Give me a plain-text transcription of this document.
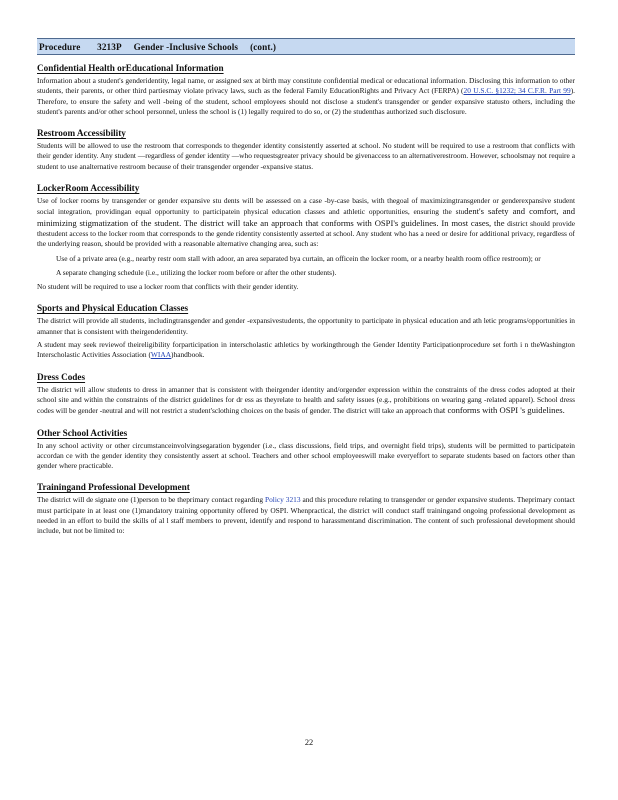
Procedure 3213P Gender -Inclusive Schools (cont.)
Confidential Health orEducational Information

Information about a student's genderidentity, legal name, or assigned sex at birth may constitute confidential medical or educational information. Disclosing this information to other students, their parents, or other third partiesmay violate privacy laws, such as the federal Family EducationRights and Privacy Act (FERPA) (20 U.S.C. §1232; 34 C.F.R. Part 99). Therefore, to ensure the safety and well -being of the student, school employees should not disclose a student's transgender or gender expansive statusto others, including the student's parents and/or other school personnel, unless the school is (1) legally required to do so, or (2) the studenthas authorized such disclosure.

Restroom Accessibility

Students will be allowed to use the restroom that corresponds to thegender identity consistently asserted at school. No student will be required to use a restroom that conflicts with their gender identity. Any student —regardless of gender identity —who requestsgreater privacy should be givenaccess to an alternativerestroom. However, schoolsmay not require a student to use analternative restroom because of their transgender orgender -expansive status.

LockerRoom Accessibility

Use of locker rooms by transgender or gender expansive stu dents will be assessed on a case -by-case basis, with thegoal of maximizingtransgender or genderexpansive student social integration, providingan equal opportunity to participatein physical education classes and athletic opportunities, ensuring the student's safety and comfort, and minimizing stigmatization of the student. The district will take an approach that conforms with OSPI's guidelines. In most cases, the district should provide thestudent access to the locker room that corresponds to the gende ridentity consistently asserted at school. Any student who has a need or desire for additional privacy, regardless of the underlying reason, should be provided with a reasonable alternative changing area, such as:

Use of a private area (e.g., nearby restr oom stall with adoor, an area separated bya curtain, an officein the locker room, or a nearby health room office restroom); or
A separate changing schedule (i.e., utilizing the locker room before or after the other students).

No student will be required to use a locker room that conflicts with their gender identity.

Sports and Physical Education Classes

The district will provide all students, includingtransgender and gender -expansivestudents, the opportunity to participate in physical education and ath letic programs/opportunities in amanner that is consistent with theirgenderidentity.

A student may seek reviewof theireligibility forparticipation in interscholastic athletics by workingthrough the Gender Identity Participationprocedure set forth i n theWashington Interscholastic Activities Association (WIAA)handbook.

Dress Codes

The district will allow students to dress in amanner that is consistent with theirgender identity and/orgender expression within the constraints of the dress codes adopted at their school site and within the constraints of the district guidelines for dr ess as theyrelate to health and safety issues (e.g., prohibitions on wearing gang -related apparel). School dress codes will be gender -neutral and will not restrict a student'sclothing choices on the basis of gender. The district will take an approach that conforms with OSPI 's guidelines.

Other School Activities

In any school activity or other circumstanceinvolvingsegaration bygender (i.e., class discussions, field trips, and overnight field trips), students will be permitted to participatein accordan ce with the gender identity they consistently assert at school. Teachers and other school employeeswill make everyeffort to separate students based on factors other than gender where practicable.

Trainingand Professional Development

The district will de signate one (1)person to be theprimary contact regarding Policy 3213 and this procedure relating to transgender or gender expansive students. Theprimary contact must participate in at least one (1)mandatory training opportunity offered by OSPI. Whenpractical, the district will conduct staff trainingand ongoing professional development as needed in an effort to build the skills of al l staff members to prevent, identify and respond to harassmentand discrimination. The content of such professional development should include, but not be limited to:

22
